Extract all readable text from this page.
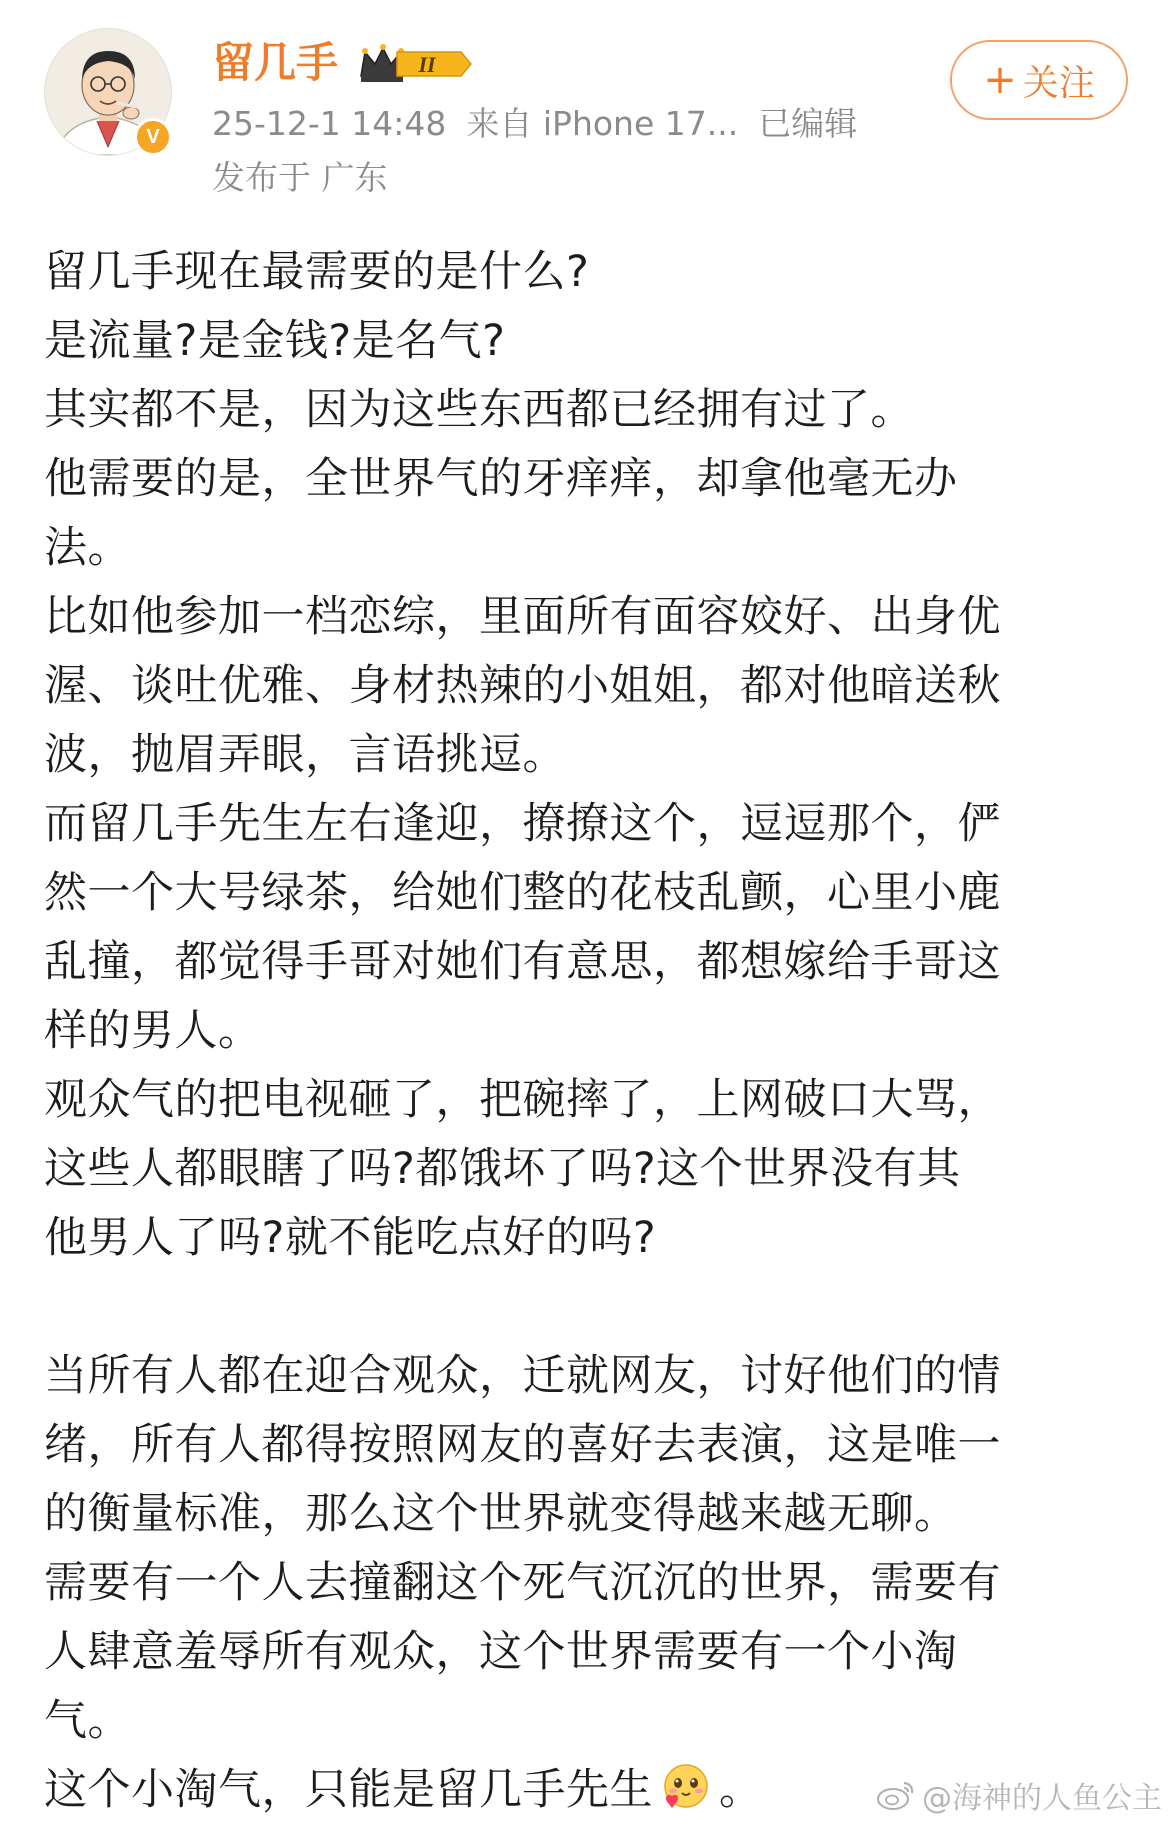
V
留几手	II
25-12-1 14:48 来自 iPhone 17... 已编辑
发布于 广东
+ 关注
留几手现在最需要的是什么?
是流量?是金钱?是名气?
其实都不是，因为这些东西都已经拥有过了。
他需要的是，全世界气的牙痒痒，却拿他毫无办
法。
比如他参加一档恋综，里面所有面容姣好、出身优
渥、谈吐优雅、身材热辣的小姐姐，都对他暗送秋
波，抛眉弄眼，言语挑逗。
而留几手先生左右逢迎，撩撩这个，逗逗那个，俨
然一个大号绿茶，给她们整的花枝乱颤，心里小鹿
乱撞，都觉得手哥对她们有意思，都想嫁给手哥这
样的男人。
观众气的把电视砸了，把碗摔了，上网破口大骂，
这些人都眼瞎了吗?都饿坏了吗?这个世界没有其
他男人了吗?就不能吃点好的吗?
当所有人都在迎合观众，迁就网友，讨好他们的情
绪，所有人都得按照网友的喜好去表演，这是唯一
的衡量标准，那么这个世界就变得越来越无聊。
需要有一个人去撞翻这个死气沉沉的世界，需要有
人肆意羞辱所有观众，这个世界需要有一个小淘
气。
这个小淘气，只能是留几手先生 。	@海神的人鱼公主
